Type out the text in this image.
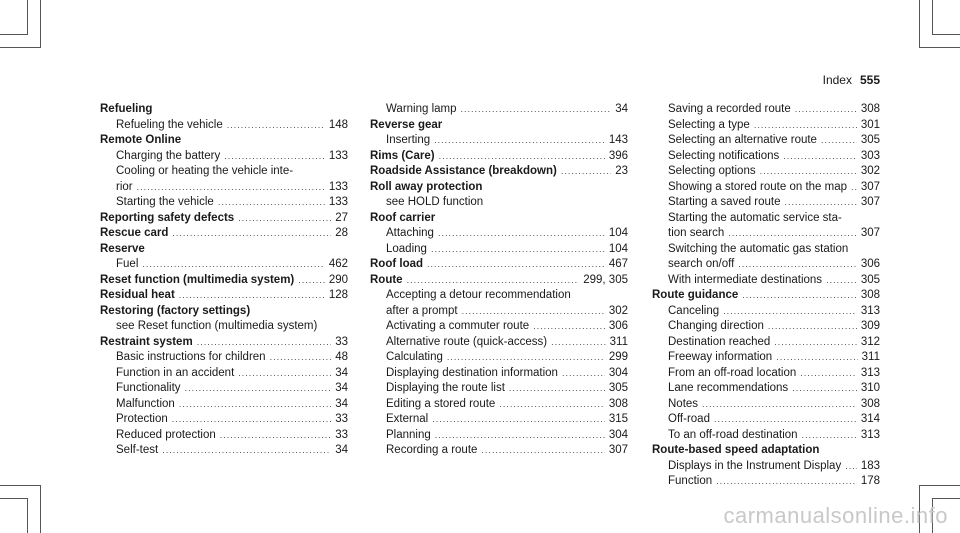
Index 555
Refueling
Refueling the vehicle .....	148
Remote Online
Charging the battery .....	133
Cooling or heating the vehicle inte-
rior .....	133
Starting the vehicle .....	133
Reporting safety defects .....	27
Rescue card .....	28
Reserve
Fuel .....	462
Reset function (multimedia system) .....	290
Residual heat .....	128
Restoring (factory settings)
see Reset function (multimedia system)
Restraint system .....	33
Basic instructions for children .....	48
Function in an accident .....	34
Functionality .....	34
Malfunction .....	34
Protection .....	33
Reduced protection .....	33
Self-test .....	34
Warning lamp .....	34
Reverse gear
Inserting .....	143
Rims (Care) .....	396
Roadside Assistance (breakdown) .....	23
Roll away protection
see HOLD function
Roof carrier
Attaching .....	104
Loading .....	104
Roof load .....	467
Route .....	299, 305
Accepting a detour recommendation
after a prompt .....	302
Activating a commuter route .....	306
Alternative route (quick-access) .....	311
Calculating .....	299
Displaying destination information .....	304
Displaying the route list .....	305
Editing a stored route .....	308
External .....	315
Planning .....	304
Recording a route .....	307
Saving a recorded route .....	308
Selecting a type .....	301
Selecting an alternative route .....	305
Selecting notifications .....	303
Selecting options .....	302
Showing a stored route on the map ..... 307
Starting a saved route .....	307
Starting the automatic service sta-
tion search .....	307
Switching the automatic gas station
search on/off .....	306
With intermediate destinations .....	305
Route guidance .....	308
Canceling .....	313
Changing direction .....	309
Destination reached .....	312
Freeway information .....	311
From an off-road location .....	313
Lane recommendations .....	310
Notes .....	308
Off-road .....	314
To an off-road destination .....	313
Route-based speed adaptation
Displays in the Instrument Display ..... 183
Function .....	178
carmanualsonline.info
